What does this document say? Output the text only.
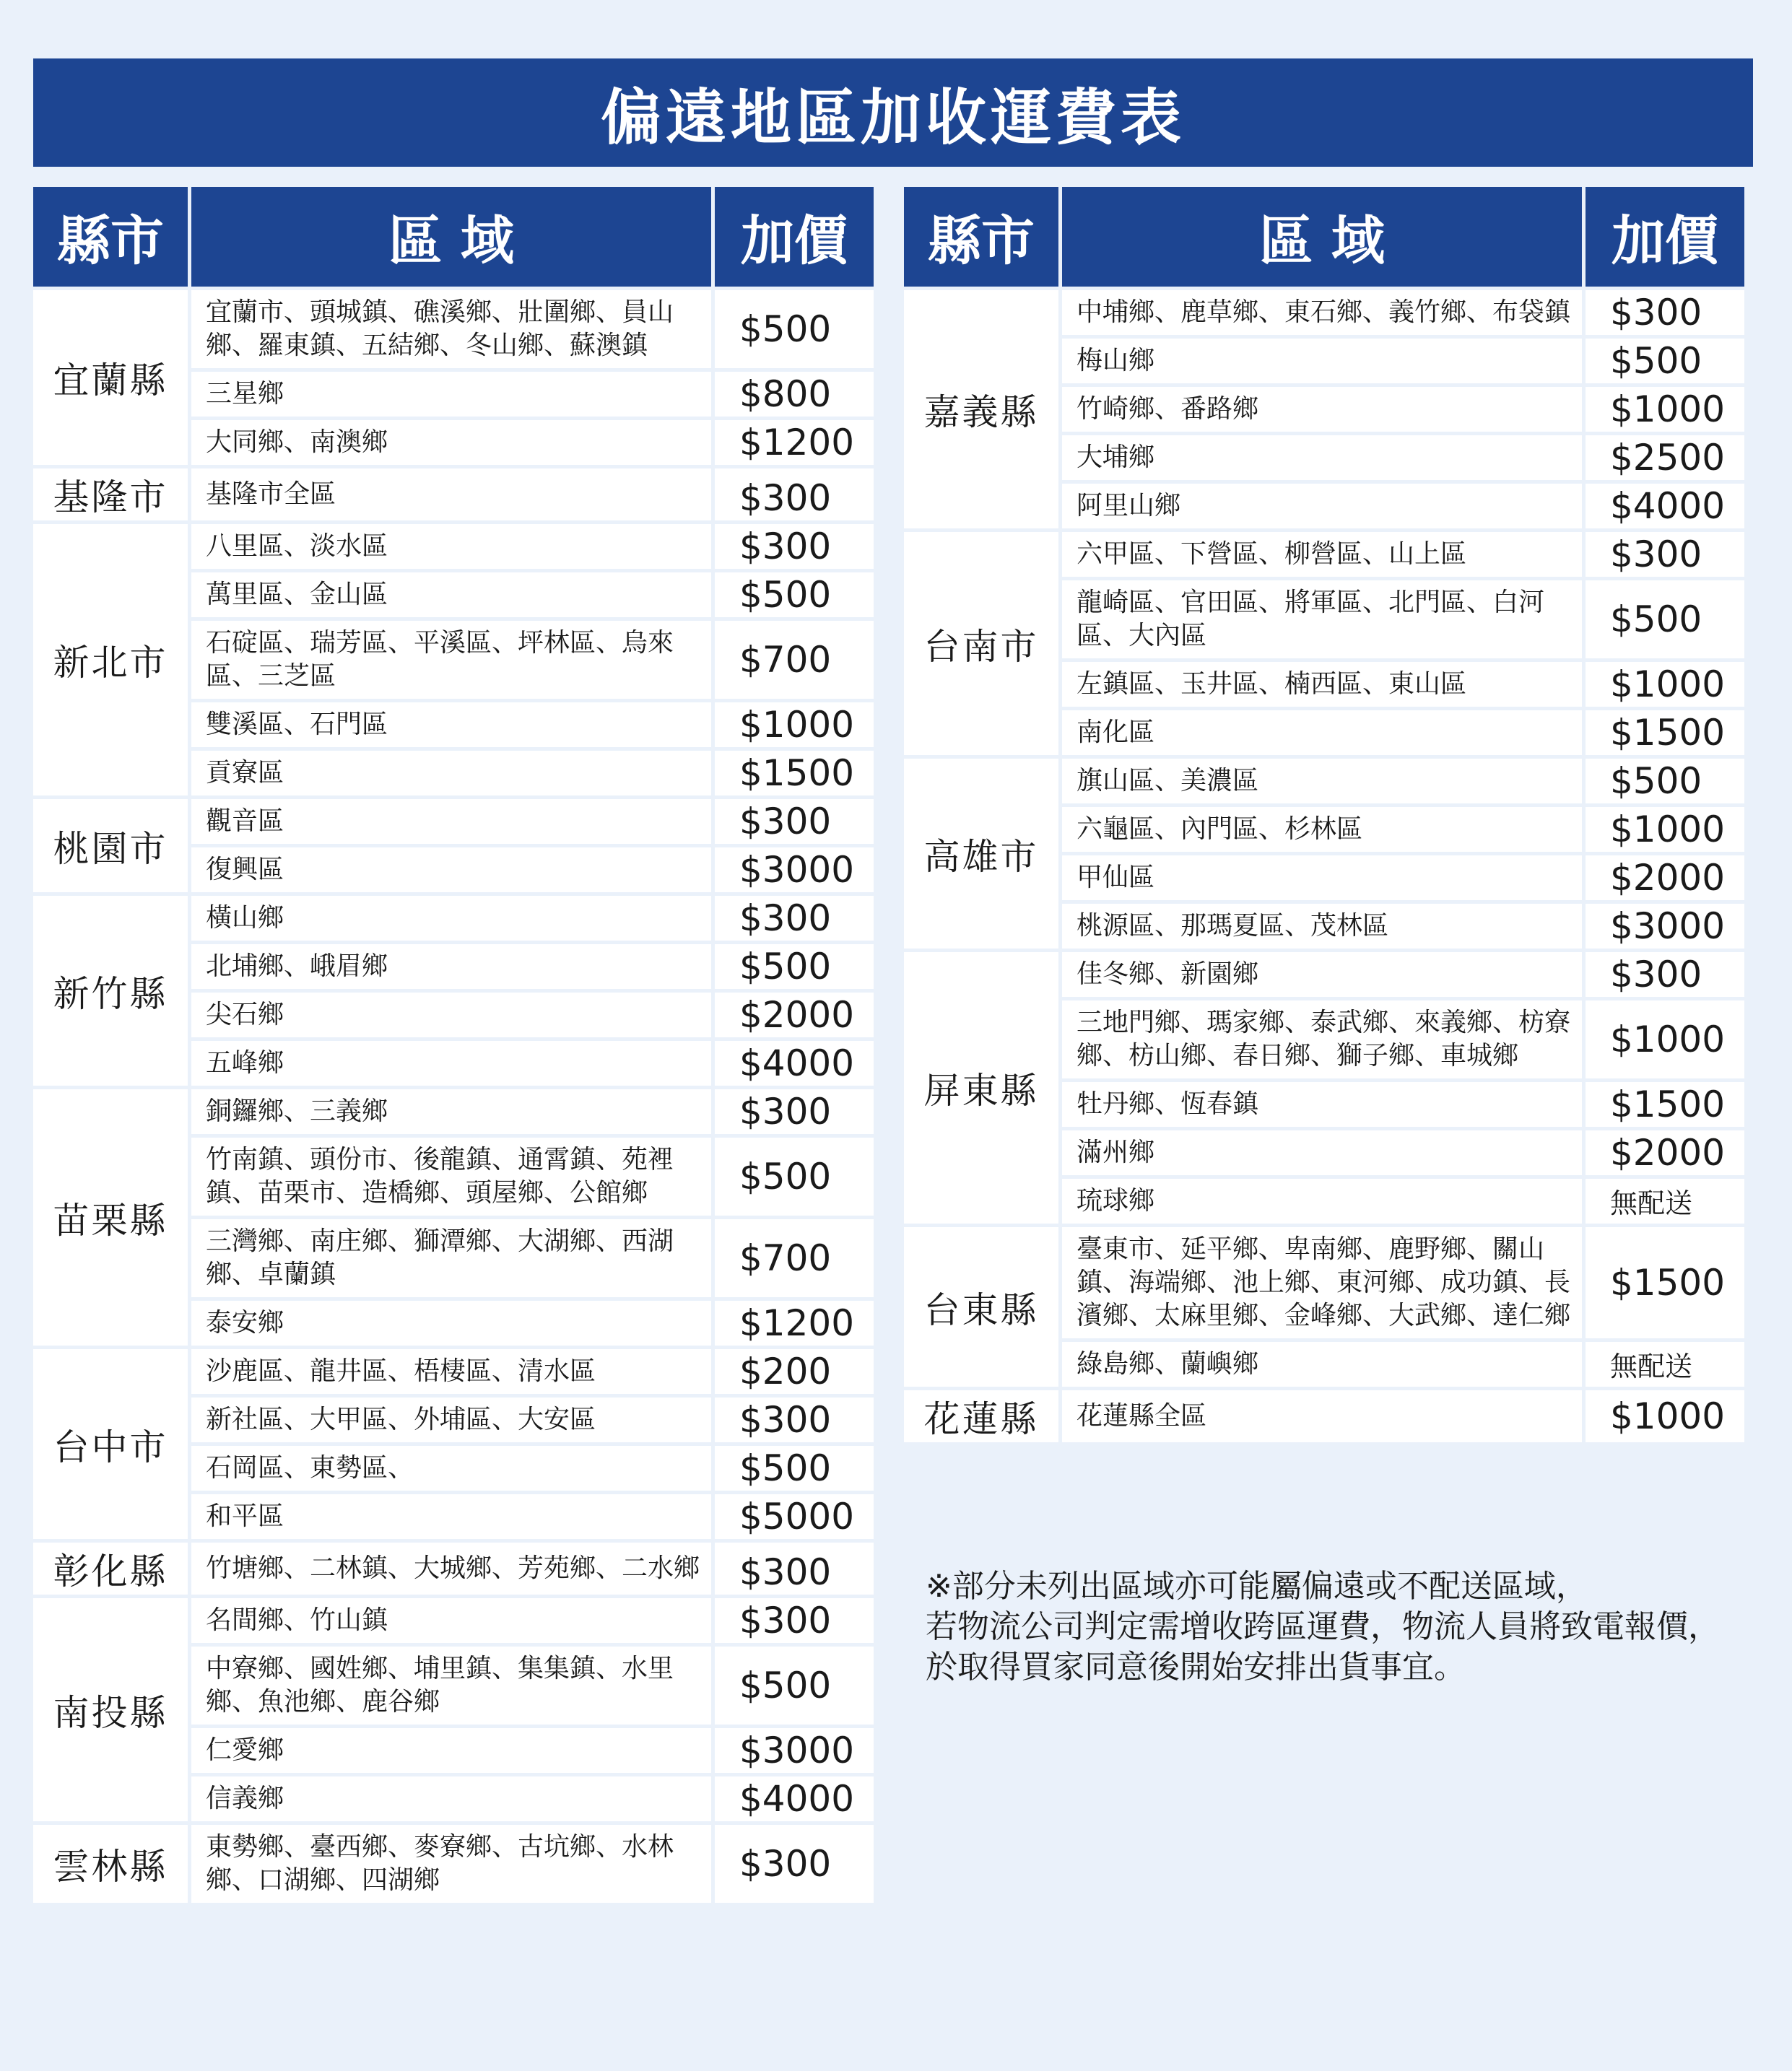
偏遠地區加收運費表
縣市	區 域	加價
宜蘭縣	宜蘭市、頭城鎮、礁溪鄉、壯圍鄉、員山鄉、羅東鎮、五結鄉、冬山鄉、蘇澳鎮	$500
	三星鄉	$800
	大同鄉、南澳鄉	$1200
基隆市	基隆市全區	$300
新北市	八里區、淡水區	$300
	萬里區、金山區	$500
	石碇區、瑞芳區、平溪區、坪林區、烏來區、三芝區	$700
	雙溪區、石門區	$1000
	貢寮區	$1500
桃園市	觀音區	$300
	復興區	$3000
新竹縣	橫山鄉	$300
	北埔鄉、峨眉鄉	$500
	尖石鄉	$2000
	五峰鄉	$4000
苗栗縣	銅鑼鄉、三義鄉	$300
	竹南鎮、頭份市、後龍鎮、通霄鎮、苑裡鎮、苗栗市、造橋鄉、頭屋鄉、公館鄉	$500
	三灣鄉、南庄鄉、獅潭鄉、大湖鄉、西湖鄉、卓蘭鎮	$700
	泰安鄉	$1200
台中市	沙鹿區、龍井區、梧棲區、清水區	$200
	新社區、大甲區、外埔區、大安區	$300
	石岡區、東勢區、	$500
	和平區	$5000
彰化縣	竹塘鄉、二林鎮、大城鄉、芳苑鄉、二水鄉	$300
南投縣	名間鄉、竹山鎮	$300
	中寮鄉、國姓鄉、埔里鎮、集集鎮、水里鄉、魚池鄉、鹿谷鄉	$500
	仁愛鄉	$3000
	信義鄉	$4000
雲林縣	東勢鄉、臺西鄉、麥寮鄉、古坑鄉、水林鄉、口湖鄉、四湖鄉	$300
縣市	區 域	加價
嘉義縣	中埔鄉、鹿草鄉、東石鄉、義竹鄉、布袋鎮	$300
	梅山鄉	$500
	竹崎鄉、番路鄉	$1000
	大埔鄉	$2500
	阿里山鄉	$4000
台南市	六甲區、下營區、柳營區、山上區	$300
	龍崎區、官田區、將軍區、北門區、白河區、大內區	$500
	左鎮區、玉井區、楠西區、東山區	$1000
	南化區	$1500
高雄市	旗山區、美濃區	$500
	六龜區、內門區、杉林區	$1000
	甲仙區	$2000
	桃源區、那瑪夏區、茂林區	$3000
屏東縣	佳冬鄉、新園鄉	$300
	三地門鄉、瑪家鄉、泰武鄉、來義鄉、枋寮鄉、枋山鄉、春日鄉、獅子鄉、車城鄉	$1000
	牡丹鄉、恆春鎮	$1500
	滿州鄉	$2000
	琉球鄉	無配送
台東縣	臺東市、延平鄉、卑南鄉、鹿野鄉、關山鎮、海端鄉、池上鄉、東河鄉、成功鎮、長濱鄉、太麻里鄉、金峰鄉、大武鄉、達仁鄉	$1500
	綠島鄉、蘭嶼鄉	無配送
花蓮縣	花蓮縣全區	$1000
※部分未列出區域亦可能屬偏遠或不配送區域，
若物流公司判定需增收跨區運費，物流人員將致電報價，
於取得買家同意後開始安排出貨事宜。
